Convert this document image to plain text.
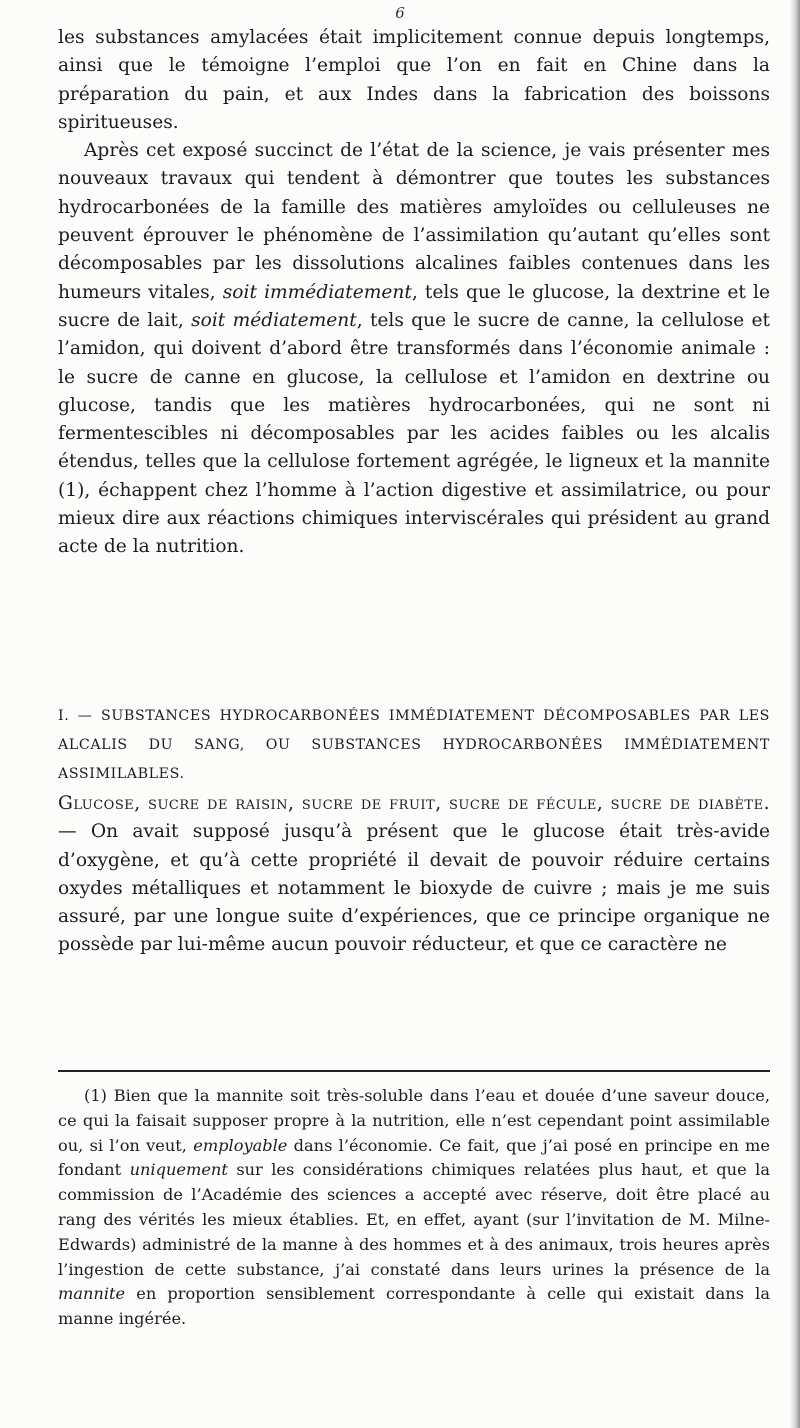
6

les substances amylacées était implicitement connue depuis longtemps, ainsi que le témoigne l’emploi que l’on en fait en Chine dans la préparation du pain, et aux Indes dans la fabrication des boissons spiritueuses.

Après cet exposé succinct de l’état de la science, je vais présenter mes nouveaux travaux qui tendent à démontrer que toutes les substances hydrocarbonées de la famille des matières amyloïdes ou celluleuses ne peuvent éprouver le phénomène de l’assimilation qu’autant qu’elles sont décomposables par les dissolutions alcalines faibles contenues dans les humeurs vitales, soit immédiatement, tels que le glucose, la dextrine et le sucre de lait, soit médiatement, tels que le sucre de canne, la cellulose et l’amidon, qui doivent d’abord être transformés dans l’économie animale : le sucre de canne en glucose, la cellulose et l’amidon en dextrine ou glucose, tandis que les matières hydrocarbonées, qui ne sont ni fermentescibles ni décomposables par les acides faibles ou les alcalis étendus, telles que la cellulose fortement agrégée, le ligneux et la mannite (1), échappent chez l’homme à l’action digestive et assimilatrice, ou pour mieux dire aux réactions chimiques interviscérales qui président au grand acte de la nutrition.

I. — SUBSTANCES HYDROCARBONÉES IMMÉDIATEMENT DÉCOMPOSABLES PAR LES ALCALIS DU SANG, OU SUBSTANCES HYDROCARBONÉES IMMÉDIATEMENT ASSIMILABLES.
Glucose, sucre de raisin, sucre de fruit, sucre de fécule, sucre de diabète. — On avait supposé jusqu’à présent que le glucose était très-avide d’oxygène, et qu’à cette propriété il devait de pouvoir réduire certains oxydes métalliques et notamment le bioxyde de cuivre ; mais je me suis assuré, par une longue suite d’expériences, que ce principe organique ne possède par lui-même aucun pouvoir réducteur, et que ce caractère ne

(1) Bien que la mannite soit très-soluble dans l’eau et douée d’une saveur douce, ce qui la faisait supposer propre à la nutrition, elle n’est cependant point assimilable ou, si l’on veut, employable dans l’économie. Ce fait, que j’ai posé en principe en me fondant uniquement sur les considérations chimiques relatées plus haut, et que la commission de l’Académie des sciences a accepté avec réserve, doit être placé au rang des vérités les mieux établies. Et, en effet, ayant (sur l’invitation de M. Milne-Edwards) administré de la manne à des hommes et à des animaux, trois heures après l’ingestion de cette substance, j’ai constaté dans leurs urines la présence de la mannite en proportion sensiblement correspondante à celle qui existait dans la manne ingérée.
